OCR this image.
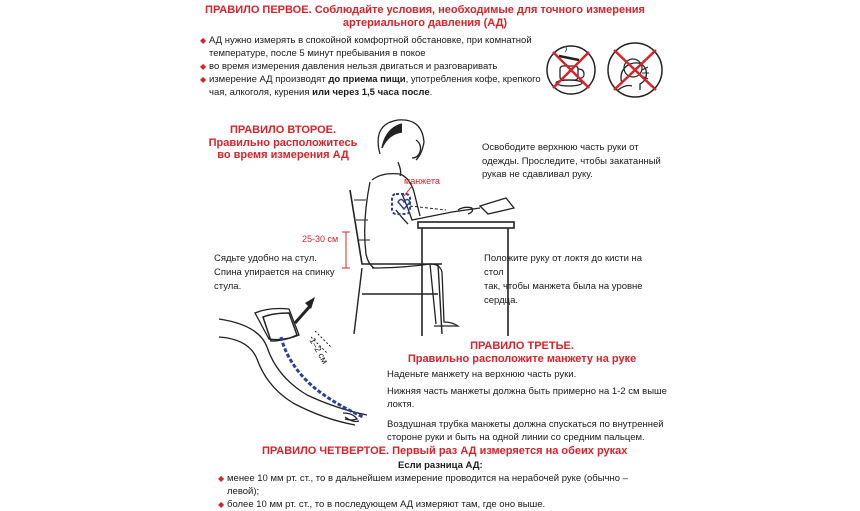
ПРАВИЛО ПЕРВОЕ. Соблюдайте условия, необходимые для точного измерения
артериального давления (АД)
◆ АД нужно измерять в спокойной комфортной обстановке, при комнатной
температуре, после 5 минут пребывания в покое
◆ во время измерения давления нельзя двигаться и разговаривать
◆ измерение АД производят до приема пищи, употребления кофе, крепкого
чая, алкоголя, курения или через 1,5 часа после.
ПРАВИЛО ВТОРОЕ.
Правильно расположитесь
во время измерения АД
манжета
25-30 см
Сядьте удобно на стул.
Спина упирается на спинку
стула.
Освободите верхнюю часть руки от
одежды. Проследите, чтобы закатанный
рукав не сдавливал руку.
Положите руку от локтя до кисти на стол
так, чтобы манжета была на уровне
сердца.
1–2 см	ПРАВИЛО ТРЕТЬЕ.
Правильно расположите манжету на руке
Наденьте манжету на верхнюю часть руки.
Нижняя часть манжеты должна быть примерно на 1-2 см выше
локтя.
Воздушная трубка манжеты должна спускаться по внутренней
стороне руки и быть на одной линии со средним пальцем.
ПРАВИЛО ЧЕТВЕРТОЕ. Первый раз АД измеряется на обеих руках
Если разница АД:
◆ менее 10 мм рт. ст., то в дальнейшем измерение проводится на нерабочей руке (обычно – левой);
◆ более 10 мм рт. ст., то в последующем АД измеряют там, где оно выше.
